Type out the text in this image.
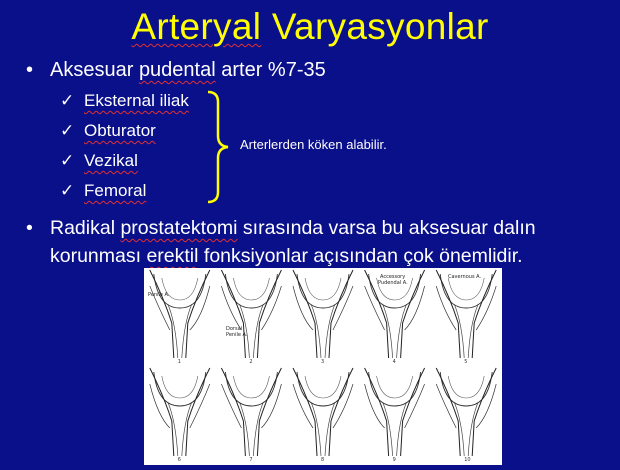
Arteryal Varyasyonlar
• Aksesuar pudental arter %7-35
✓ Eksternal iliak
✓ Obturator
✓ Vezikal
✓ Femoral
Arterlerden köken alabilir.
• Radikal prostatektomi sırasında varsa bu aksesuar dalın korunması erektil fonksiyonlar açısından çok önemlidir.
1	2	3	4	5
6	7	8	9	10
Penile A.
Dorsal
Penile A.
Accessory
Pudendal A.
Cavernous A.
